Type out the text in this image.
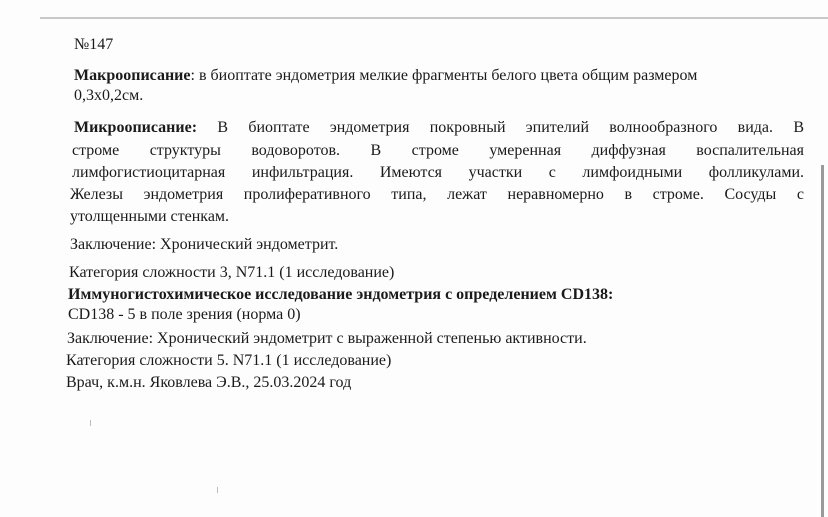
№147
Макроописание: в биоптате эндометрия мелкие фрагменты белого цвета общим размером
0,3х0,2см.
Микроописание: В биоптате эндометрия покровный эпителий волнообразного вида. В
строме структуры водоворотов. В строме умеренная диффузная воспалительная
лимфогистиоцитарная инфильтрация. Имеются участки с лимфоидными фолликулами.
Железы эндометрия пролиферативного типа, лежат неравномерно в строме. Сосуды с
утолщенными стенкам.
Заключение: Хронический эндометрит.
Категория сложности 3, N71.1 (1 исследование)
Иммуногистохимическое исследование эндометрия с определением CD138:
CD138 - 5 в поле зрения (норма 0)
Заключение: Хронический эндометрит с выраженной степенью активности.
Категория сложности 5. N71.1 (1 исследование)
Врач, к.м.н. Яковлева Э.В., 25.03.2024 год
